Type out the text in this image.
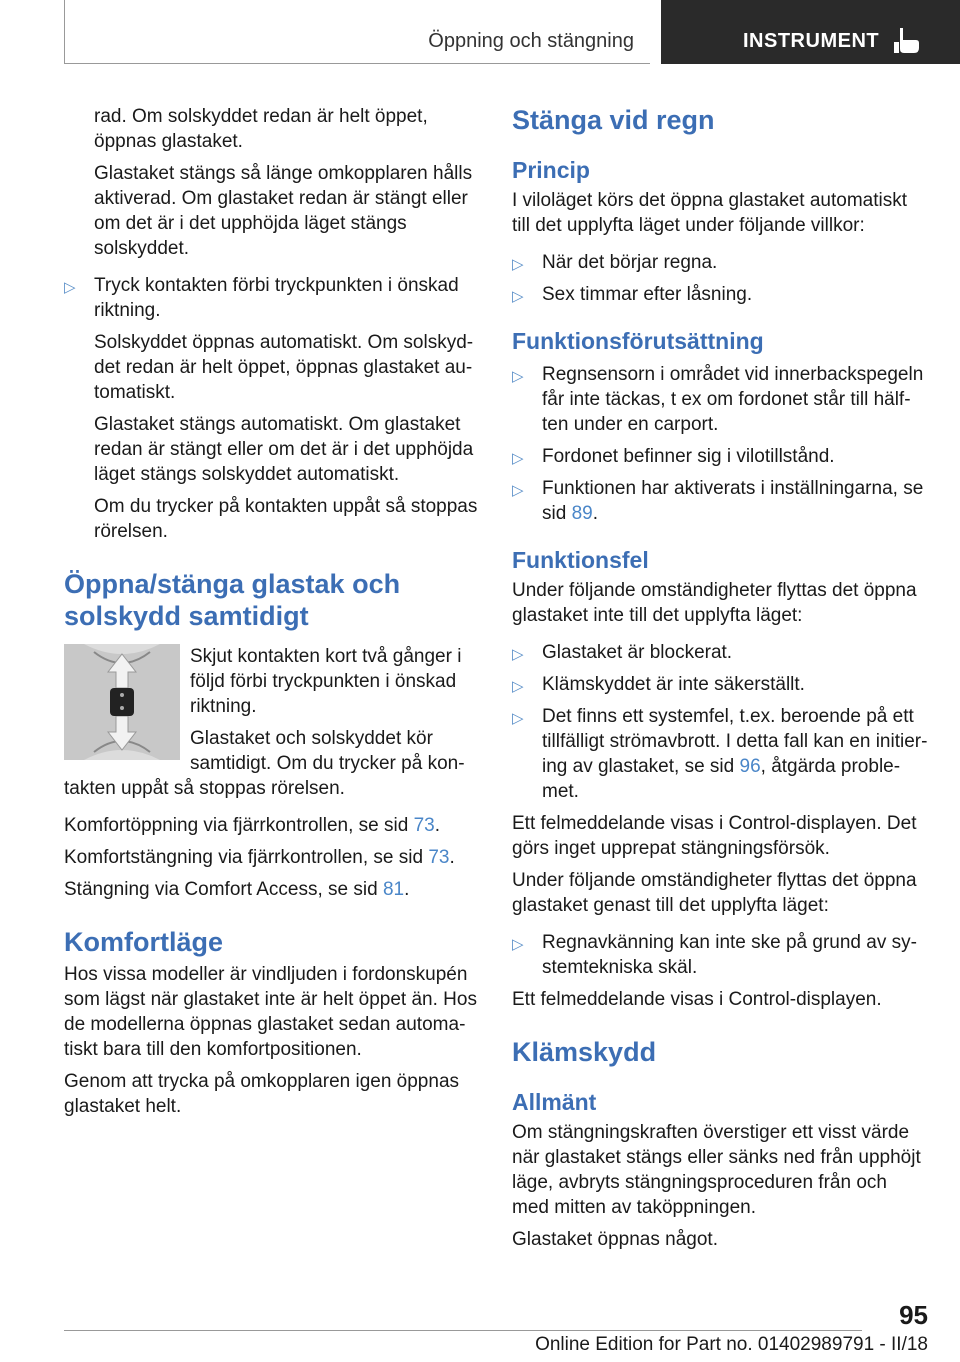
Öppning och stängning	INSTRUMENT

rad. Om solskyddet redan är helt öppet, öppnas glastaket.

Glastaket stängs så länge omkopplaren hålls aktiverad. Om glastaket redan är stängt eller om det är i det upphöjda läget stängs solskyddet.

▷ Tryck kontakten förbi tryckpunkten i önskad riktning.

Solskyddet öppnas automatiskt. Om solskyddet redan är helt öppet, öppnas glastaket automatiskt.

Glastaket stängs automatiskt. Om glastaket redan är stängt eller om det är i det upphöjda läget stängs solskyddet automatiskt.

Om du trycker på kontakten uppåt så stoppas rörelsen.

Öppna/stänga glastak och solskydd samtidigt

Skjut kontakten kort två gånger i följd förbi tryckpunkten i önskad riktning.

Glastaket och solskyddet kör samtidigt. Om du trycker på kontakten uppåt så stoppas rörelsen.

Komfortöppning via fjärrkontrollen, se sid 73.

Komfortstängning via fjärrkontrollen, se sid 73.

Stängning via Comfort Access, se sid 81.

Komfortläge

Hos vissa modeller är vindljuden i fordonskupén som lägst när glastaket inte är helt öppet än. Hos de modellerna öppnas glastaket sedan automatiskt bara till den komfortpositionen.

Genom att trycka på omkopplaren igen öppnas glastaket helt.

Stänga vid regn
Princip

I viloläget körs det öppna glastaket automatiskt till det upplyfta läget under följande villkor:

▷ När det börjar regna.

▷ Sex timmar efter låsning.

Funktionsförutsättning
▷ Regnsensorn i området vid innerbackspegeln får inte täckas, t ex om fordonet står till hälften under en carport.

▷ Fordonet befinner sig i vilotillstånd.

▷ Funktionen har aktiverats i inställningarna, se sid 89.

Funktionsfel

Under följande omständigheter flyttas det öppna glastaket inte till det upplyfta läget:

▷ Glastaket är blockerat.

▷ Klämskyddet är inte säkerställt.

▷ Det finns ett systemfel, t.ex. beroende på ett tillfälligt strömavbrott. I detta fall kan en initiering av glastaket, se sid 96, åtgärda problemet.

Ett felmeddelande visas i Control-displayen. Det görs inget upprepat stängningsförsök.

Under följande omständigheter flyttas det öppna glastaket genast till det upplyfta läget:

▷ Regnavkänning kan inte ske på grund av systemtekniska skäl.

Ett felmeddelande visas i Control-displayen.

Klämskydd
Allmänt

Om stängningskraften överstiger ett visst värde när glastaket stängs eller sänks ned från upphöjt läge, avbryts stängningsproceduren från och med mitten av taköppningen.

Glastaket öppnas något.

95
Online Edition for Part no. 01402989791 - II/18
